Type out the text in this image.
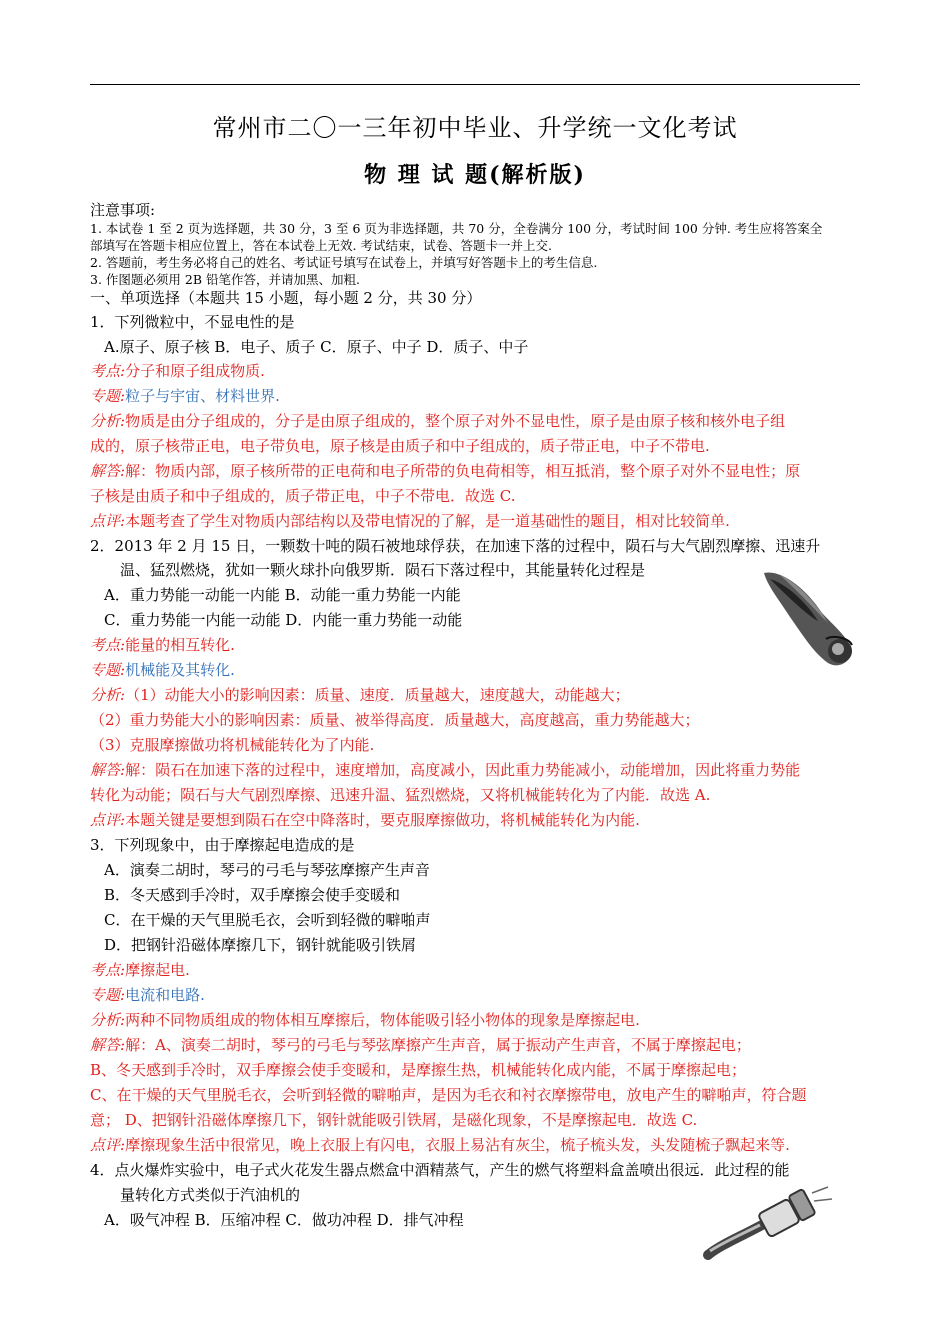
常州市二〇一三年初中毕业、升学统一文化考试
物 理 试 题(解析版)
注意事项:
1. 本试卷 1 至 2 页为选择题，共 30 分，3 至 6 页为非选择题，共 70 分，全卷满分 100 分，考试时间 100 分钟. 考生应将答案全
部填写在答题卡相应位置上，答在本试卷上无效. 考试结束，试卷、答题卡一并上交.
2. 答题前，考生务必将自己的姓名、考试证号填写在试卷上，并填写好答题卡上的考生信息.
3. 作图题必须用 2B 铅笔作答，并请加黑、加粗.
一、单项选择（本题共 15 小题，每小题 2 分，共 30 分）
1．下列微粒中，不显电性的是
A.原子、原子核 B．电子、质子 C．原子、中子 D．质子、中子
考点:分子和原子组成物质.
专题:粒子与宇宙、材料世界.
分析:物质是由分子组成的，分子是由原子组成的，整个原子对外不显电性，原子是由原子核和核外电子组
成的，原子核带正电，电子带负电，原子核是由质子和中子组成的，质子带正电，中子不带电.
解答:解：物质内部，原子核所带的正电荷和电子所带的负电荷相等，相互抵消，整个原子对外不显电性；原
子核是由质子和中子组成的，质子带正电，中子不带电．故选 C.
点评:本题考查了学生对物质内部结构以及带电情况的了解，是一道基础性的题目，相对比较简单.
2．2013 年 2 月 15 日，一颗数十吨的陨石被地球俘获，在加速下落的过程中，陨石与大气剧烈摩擦、迅速升
温、猛烈燃烧，犹如一颗火球扑向俄罗斯．陨石下落过程中，其能量转化过程是
A．重力势能一动能一内能 B．动能一重力势能一内能
C．重力势能一内能一动能 D．内能一重力势能一动能
考点:能量的相互转化.
专题:机械能及其转化.
分析:（1）动能大小的影响因素：质量、速度．质量越大，速度越大，动能越大；
（2）重力势能大小的影响因素：质量、被举得高度．质量越大，高度越高，重力势能越大；
（3）克服摩擦做功将机械能转化为了内能.
解答:解：陨石在加速下落的过程中，速度增加，高度减小，因此重力势能减小，动能增加，因此将重力势能
转化为动能；陨石与大气剧烈摩擦、迅速升温、猛烈燃烧，又将机械能转化为了内能．故选 A.
点评:本题关键是要想到陨石在空中降落时，要克服摩擦做功，将机械能转化为内能.
3．下列现象中，由于摩擦起电造成的是
A．演奏二胡时，琴弓的弓毛与琴弦摩擦产生声音
B．冬天感到手冷时，双手摩擦会使手变暖和
C．在干燥的天气里脱毛衣，会听到轻微的噼啪声
D．把钢针沿磁体摩擦几下，钢针就能吸引铁屑
考点:摩擦起电.
专题:电流和电路.
分析:两种不同物质组成的物体相互摩擦后，物体能吸引轻小物体的现象是摩擦起电.
解答:解：A、演奏二胡时，琴弓的弓毛与琴弦摩擦产生声音，属于振动产生声音，不属于摩擦起电；
B、冬天感到手冷时，双手摩擦会使手变暖和，是摩擦生热，机械能转化成内能，不属于摩擦起电；
C、在干燥的天气里脱毛衣，会听到轻微的噼啪声，是因为毛衣和衬衣摩擦带电，放电产生的噼啪声，符合题
意； D、把钢针沿磁体摩擦几下，钢针就能吸引铁屑，是磁化现象，不是摩擦起电．故选 C.
点评:摩擦现象生活中很常见，晚上衣服上有闪电，衣服上易沾有灰尘，梳子梳头发，头发随梳子飘起来等.
4．点火爆炸实验中，电子式火花发生器点燃盒中酒精蒸气，产生的燃气将塑料盒盖喷出很远．此过程的能
量转化方式类似于汽油机的
A．吸气冲程 B．压缩冲程 C．做功冲程 D．排气冲程
